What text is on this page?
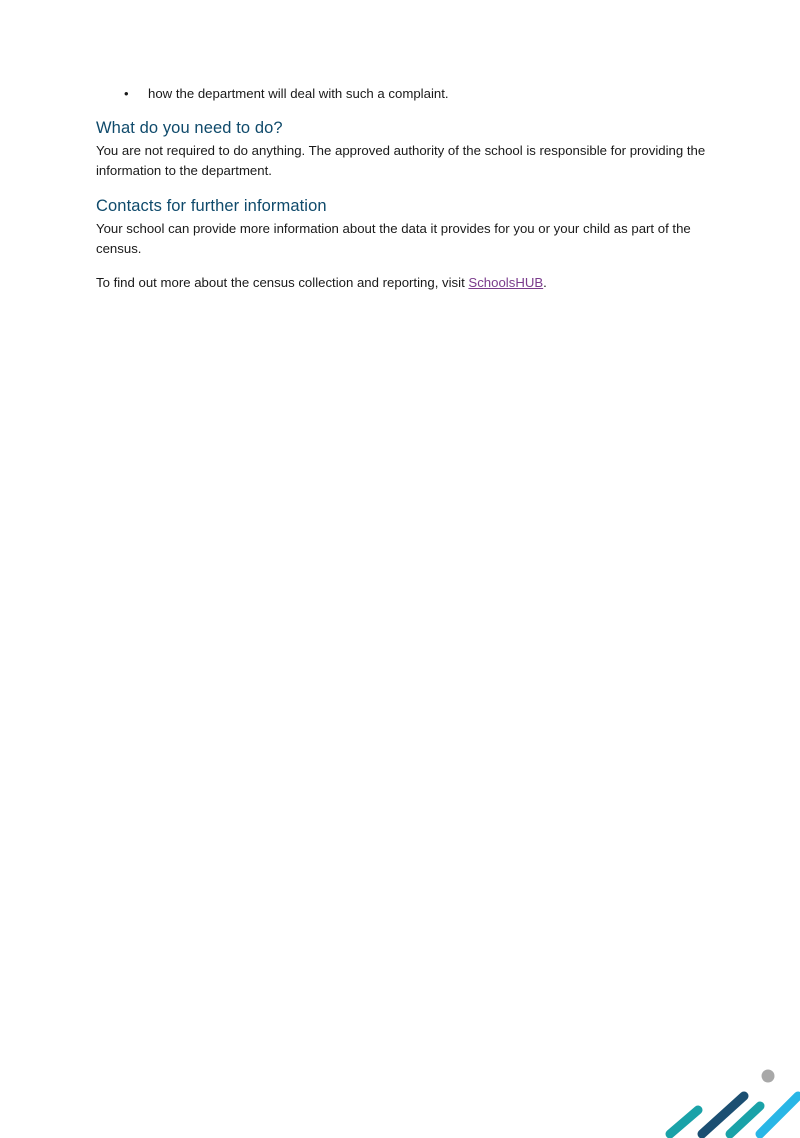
•	how the department will deal with such a complaint.
What do you need to do?

You are not required to do anything. The approved authority of the school is responsible for providing the information to the department.

Contacts for further information

Your school can provide more information about the data it provides for you or your child as part of the census.

To find out more about the census collection and reporting, visit SchoolsHUB.
